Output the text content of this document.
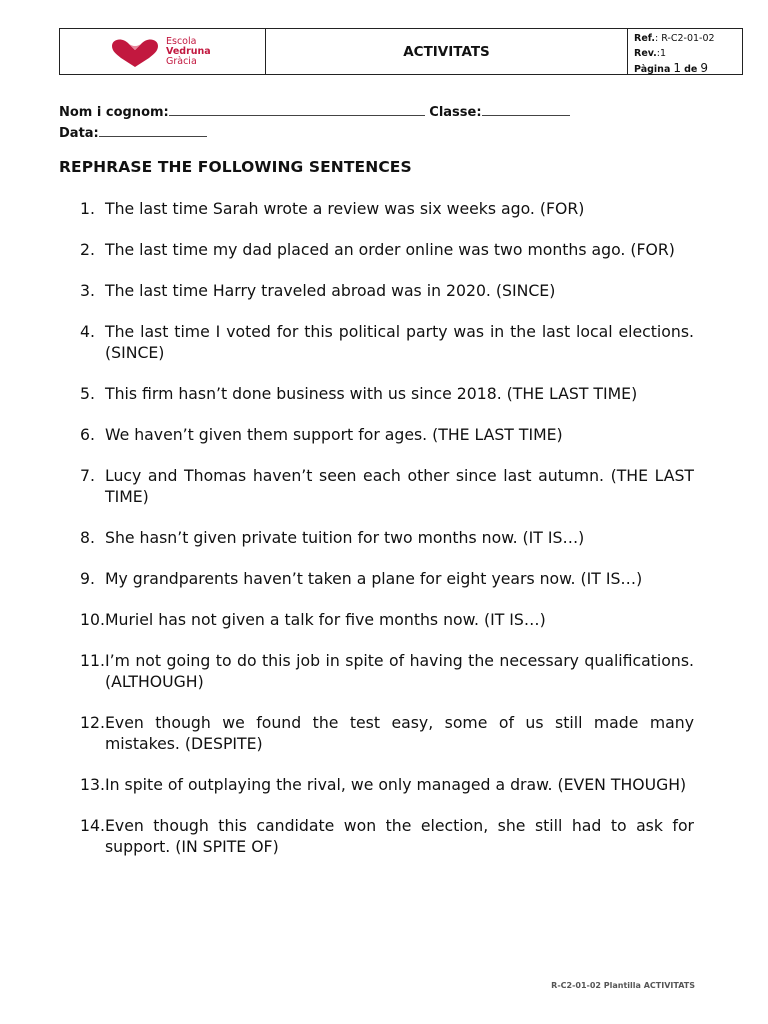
Escola
Vedruna
Gràcia
ACTIVITATS
Ref.: R-C2-01-02
Rev.:1
Pàgina 1 de 9
Nom i cognom:	Classe:
Data:
REPHRASE THE FOLLOWING SENTENCES
1. The last time Sarah wrote a review was six weeks ago. (FOR)
2. The last time my dad placed an order online was two months ago. (FOR)
3. The last time Harry traveled abroad was in 2020. (SINCE)
4. The last time I voted for this political party was in the last local elections. (SINCE)
5. This firm hasn’t done business with us since 2018. (THE LAST TIME)
6. We haven’t given them support for ages. (THE LAST TIME)
7. Lucy and Thomas haven’t seen each other since last autumn. (THE LAST TIME)
8. She hasn’t given private tuition for two months now. (IT IS…)
9. My grandparents haven’t taken a plane for eight years now. (IT IS…)
10. Muriel has not given a talk for five months now. (IT IS…)
11. I’m not going to do this job in spite of having the necessary qualifications. (ALTHOUGH)
12. Even though we found the test easy, some of us still made many mistakes. (DESPITE)
13. In spite of outplaying the rival, we only managed a draw. (EVEN THOUGH)
14. Even though this candidate won the election, she still had to ask for support. (IN SPITE OF)
R-C2-01-02 Plantilla ACTIVITATS
